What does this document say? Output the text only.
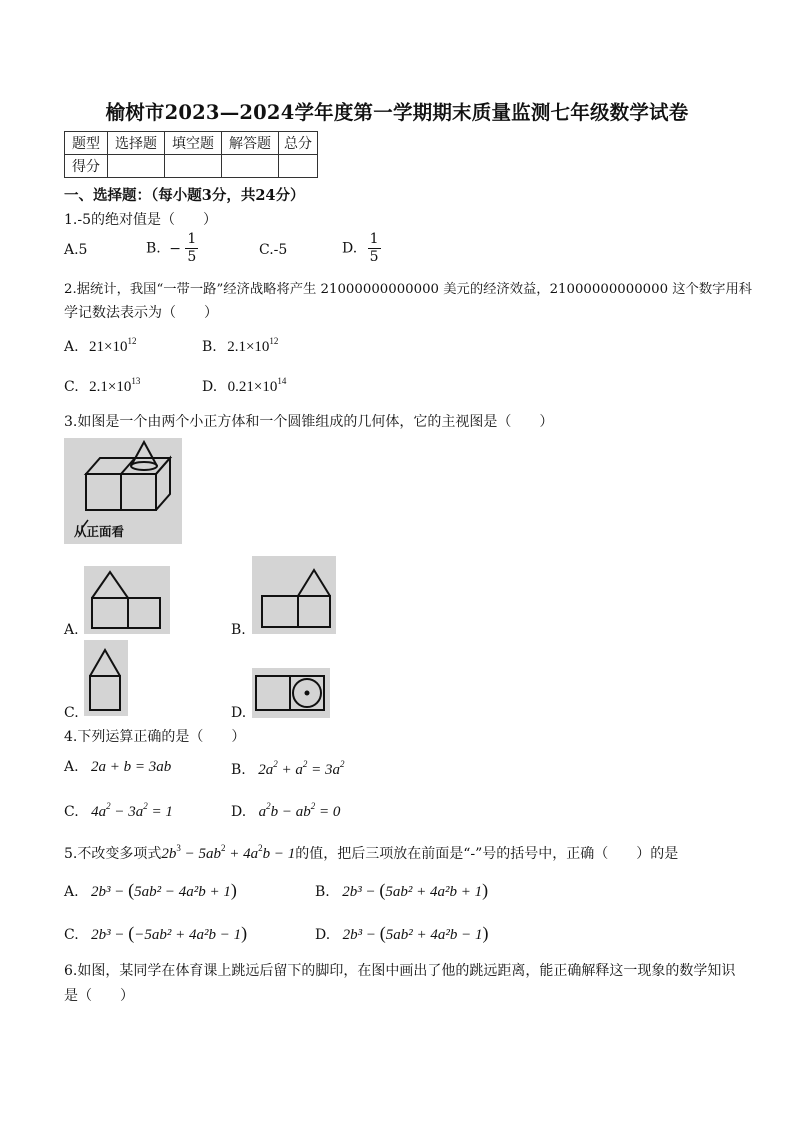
榆树市2023—2024学年度第一学期期末质量监测七年级数学试卷
题型	选择题	填空题	解答题	总分
得分				
一、选择题：（每小题3分，共24分）
1.-5的绝对值是（　　）
A.5	B. − $\frac{1}{5}$	C.-5	D. $\frac{1}{5}$
2.据统计，我国“一带一路”经济战略将产生 21000000000000 美元的经济效益，21000000000000 这个数字用科
学记数法表示为（　　）
A. $21\times 10^{12}$	B. $2.1\times 10^{12}$
C. $2.1\times 10^{13}$	D. $0.21\times 10^{14}$
3.如图是一个由两个小正方体和一个圆锥组成的几何体，它的主视图是（　　）
从正面看
A.	B.
C.	D.
4.下列运算正确的是（　　）
A. 2a + b = 3ab	B. $2a^2 + a^2 = 3a^2$
C. $4a^2 - 3a^2 = 1$	D. $a^2b - ab^2 = 0$
5.不改变多项式$2b^3 - 5ab^2 + 4a^2b - 1$的值，把后三项放在前面是“-”号的括号中，正确（　　）的是
A. 2b³ − (5ab² − 4a²b + 1)	B. 2b³ − (5ab² + 4a²b + 1)
C. 2b³ − (−5ab² + 4a²b − 1)	D. 2b³ − (5ab² + 4a²b − 1)
6.如图，某同学在体育课上跳远后留下的脚印，在图中画出了他的跳远距离，能正确解释这一现象的数学知识
是（　　）
